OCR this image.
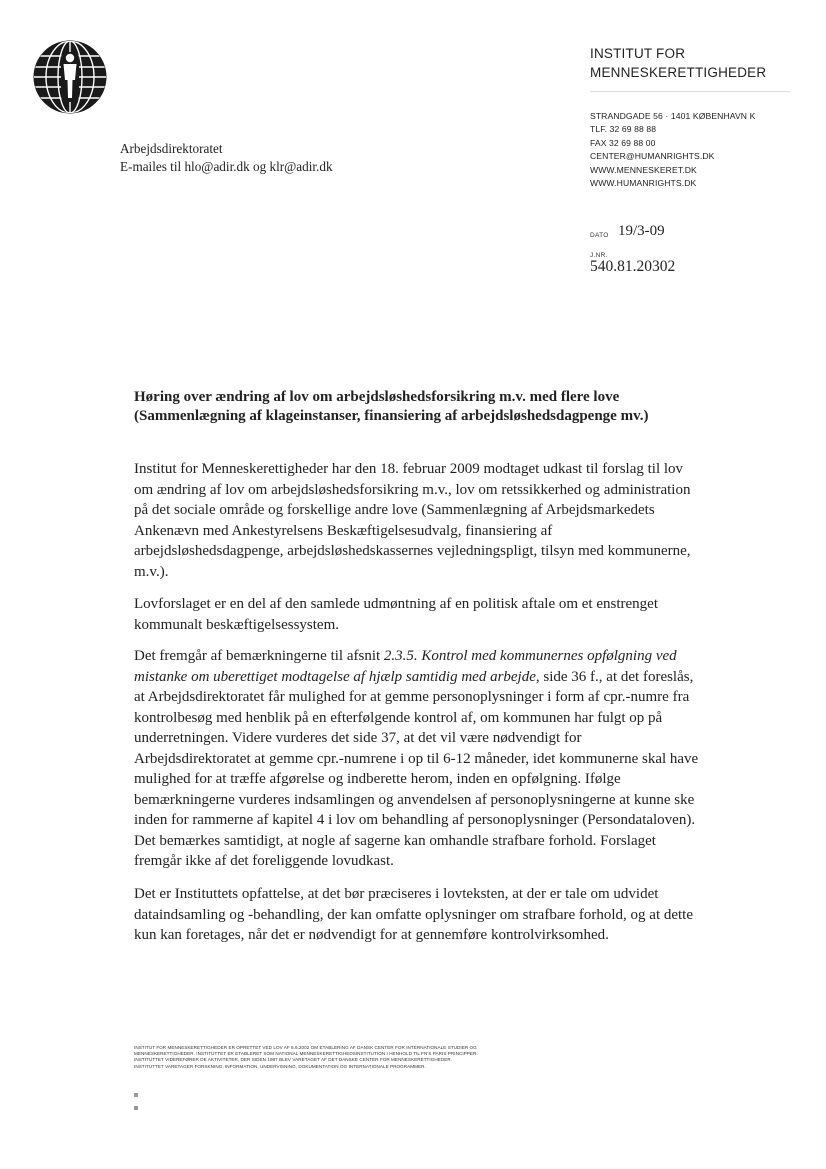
INSTITUT FOR
MENNESKERETTIGHEDER
STRANDGADE 56 · 1401 KØBENHAVN K
TLF. 32 69 88 88
FAX 32 69 88 00
CENTER@HUMANRIGHTS.DK
WWW.MENNESKERET.DK
WWW.HUMANRIGHTS.DK
Arbejdsdirektoratet
E-mailes til hlo@adir.dk og klr@adir.dk
DATO 19/3-09
J.NR.
540.81.20302
Høring over ændring af lov om arbejdsløshedsforsikring m.v. med flere love (Sammenlægning af klageinstanser, finansiering af arbejdsløshedsdagpenge mv.)
Institut for Menneskerettigheder har den 18. februar 2009 modtaget udkast til forslag til lov om ændring af lov om arbejdsløshedsforsikring m.v., lov om retssikkerhed og administration på det sociale område og forskellige andre love (Sammenlægning af Arbejdsmarkedets Ankenævn med Ankestyrelsens Beskæftigelsesudvalg, finansiering af arbejdsløshedsdagpenge, arbejdsløshedskassernes vejledningspligt, tilsyn med kommunerne, m.v.).
Lovforslaget er en del af den samlede udmøntning af en politisk aftale om et enstrenget kommunalt beskæftigelsessystem.
Det fremgår af bemærkningerne til afsnit 2.3.5. Kontrol med kommunernes opfølgning ved mistanke om uberettiget modtagelse af hjælp samtidig med arbejde, side 36 f., at det foreslås, at Arbejdsdirektoratet får mulighed for at gemme personoplysninger i form af cpr.-numre fra kontrolbesøg med henblik på en efterfølgende kontrol af, om kommunen har fulgt op på underretningen. Videre vurderes det side 37, at det vil være nødvendigt for Arbejdsdirektoratet at gemme cpr.-numrene i op til 6-12 måneder, idet kommunerne skal have mulighed for at træffe afgørelse og indberette herom, inden en opfølgning. Ifølge bemærkningerne vurderes indsamlingen og anvendelsen af personoplysningerne at kunne ske inden for rammerne af kapitel 4 i lov om behandling af personoplysninger (Persondataloven). Det bemærkes samtidigt, at nogle af sagerne kan omhandle strafbare forhold. Forslaget fremgår ikke af det foreliggende lovudkast.
Det er Instituttets opfattelse, at det bør præciseres i lovteksten, at der er tale om udvidet dataindsamling og -behandling, der kan omfatte oplysninger om strafbare forhold, og at dette kun kan foretages, når det er nødvendigt for at gennemføre kontrolvirksomhed.
INSTITUT FOR MENNESKERETTIGHEDER ER OPRETTET VED LOV AF 6.6.2002 OM ETABLERING AF DANSK CENTER FOR INTERNATIONALE STUDIER OG
MENNESKERETTIGHEDER. INSTITUTTET ER ETABLERET SOM NATIONAL MENNESKERETTIGHEDSINSTITUTION I HENHOLD TIL FN'S PARIS PRINCIPPER.
INSTITUTTET VIDEREFØRER DE AKTIVITETER, DER SIDEN 1987 BLEV VARETAGET AF DET DANSKE CENTER FOR MENNESKERETTIGHEDER.
INSTITUTTET VARETAGER FORSKNING, INFORMATION, UNDERVISNING, DOKUMENTATION OG INTERNATIONALE PROGRAMMER.
